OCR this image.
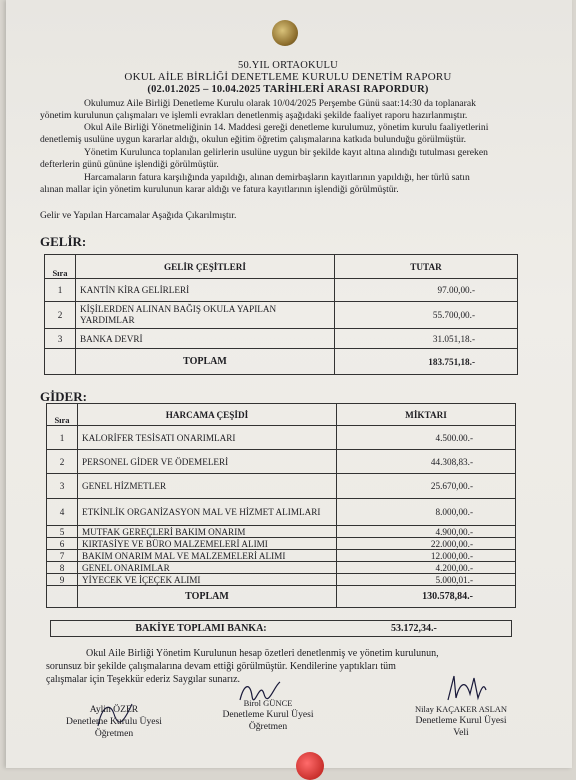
50.YIL ORTAOKULU
OKUL AİLE BİRLİĞİ DENETLEME KURULU DENETİM RAPORU
(02.01.2025 – 10.04.2025 TARİHLERİ ARASI RAPORDUR)
Okulumuz Aile Birliği Denetleme Kurulu olarak 10/04/2025 Perşembe Günü saat:14:30 da toplanarak
yönetim kurulunun çalışmaları ve işlemli evrakları denetlenmiş aşağıdaki şekilde faaliyet raporu hazırlanmıştır.
Okul Aile Birliği Yönetmeliğinin 14. Maddesi gereği denetleme kurulumuz, yönetim kurulu faaliyetlerini
denetlemiş usulüne uygun kararlar aldığı, okulun eğitim öğretim çalışmalarına katkıda bulunduğu görülmüştür.
Yönetim Kurulunca toplanılan gelirlerin usulüne uygun bir şekilde kayıt altına alındığı tutulması gereken
defterlerin günü gününe işlendiği görülmüştür.
Harcamaların fatura karşılığında yapıldığı, alınan demirbaşların kayıtlarının yapıldığı, her türlü satın
alınan mallar için yönetim kurulunun karar aldığı ve fatura kayıtlarının işlendiği görülmüştür.
Gelir ve Yapılan Harcamalar Aşağıda Çıkarılmıştır.
GELİR:
Sıra	GELİR ÇEŞİTLERİ	TUTAR
1	KANTİN KİRA GELİRLERİ	97.00,00.-
2	KİŞİLERDEN ALINAN BAĞIŞ OKULA YAPILAN YARDIMLAR	55.700,00.-
3	BANKA DEVRİ	31.051,18.-
	TOPLAM	183.751,18.-
GİDER:
Sıra	HARCAMA ÇEŞİDİ	MİKTARI
1	KALORİFER TESİSATI ONARIMLARI	4.500.00.-
2	PERSONEL GİDER VE ÖDEMELERİ	44.308,83.-
3	GENEL HİZMETLER	25.670,00.-
4	ETKİNLİK ORGANİZASYON MAL VE HİZMET ALIMLARI	8.000,00.-
5	MUTFAK GEREÇLERİ BAKIM ONARIM	4.900,00.-
6	KIRTASİYE VE BÜRO MALZEMELERİ ALIMI	22.000,00.-
7	BAKIM ONARIM MAL VE MALZEMELERİ ALIMI	12.000,00.-
8	GENEL ONARIMLAR	4.200,00.-
9	YİYECEK VE İÇEÇEK ALIMI	5.000,01.-
	TOPLAM	130.578,84.-
BAKİYE TOPLAMI BANKA:	53.172,34.-
Okul Aile Birliği Yönetim Kurulunun hesap özetleri denetlenmiş ve yönetim kurulunun,
sorunsuz bir şekilde çalışmalarına devam ettiği görülmüştür. Kendilerine yaptıkları tüm
çalışmalar için Teşekkür ederiz Saygılar sunarız.
Aylin ÖZER
Denetleme Kurulu Üyesi
Öğretmen
Birol GÜNCE
Denetleme Kurul Üyesi
Öğretmen
Nilay KAÇAKER ASLAN
Denetleme Kurul Üyesi
Veli
